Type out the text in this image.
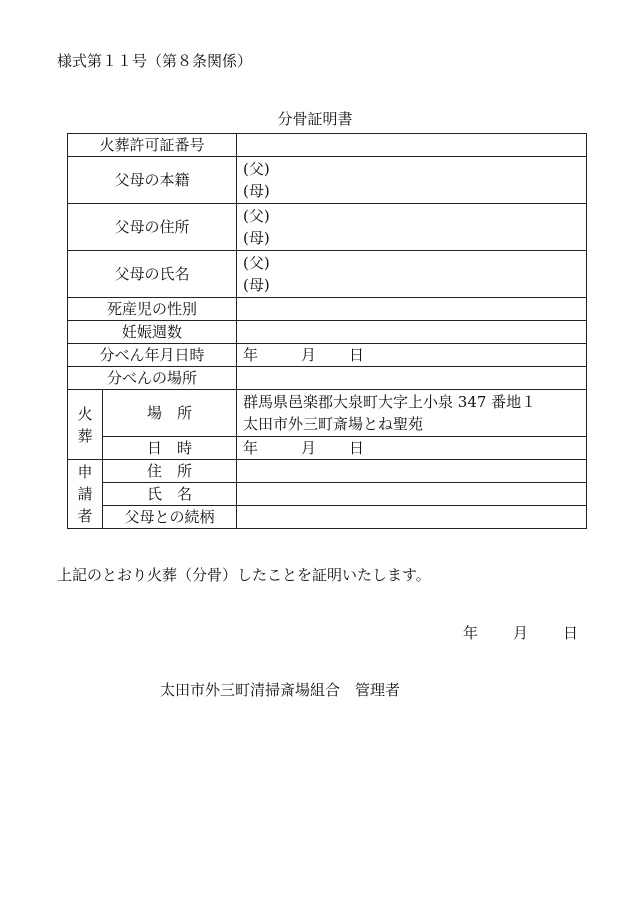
様式第１１号（第８条関係）
分骨証明書
火葬許可証番号		
父母の本籍		(父)
(母)

父母の住所		(父)
(母)

父母の氏名		(父)
(母)

死産児の性別		
妊娠週数		
分べん年月日時		年 月 日
分べんの場所		

火
葬	場　所	群馬県邑楽郡大泉町大字上小泉 347 番地１
太田市外三町斎場とね聖苑

	日　時	年 月 日

申
請
者	住　所	
	氏　名	
	父母との続柄	
上記のとおり火葬（分骨）したことを証明いたします。
年 月 日
太田市外三町清掃斎場組合 管理者
